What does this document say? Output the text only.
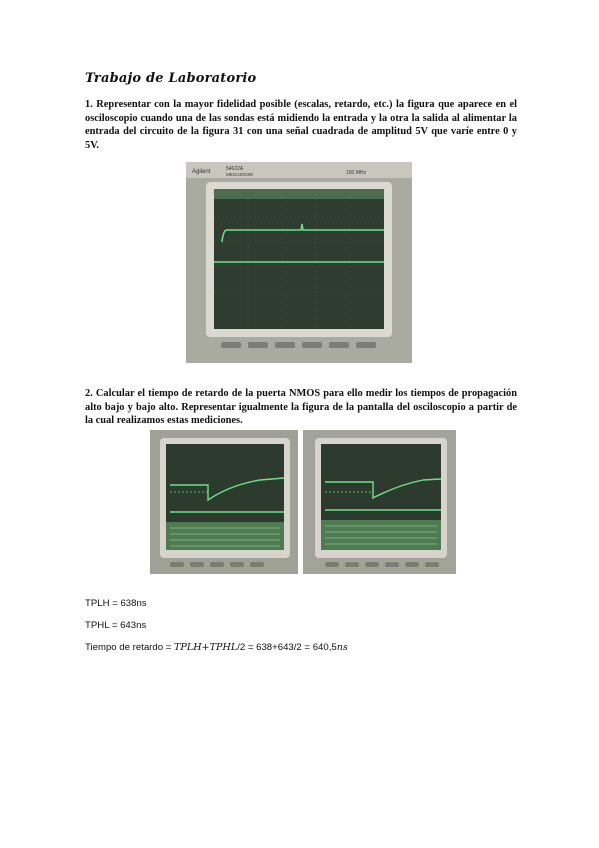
Trabajo de Laboratorio
1. Representar con la mayor fidelidad posible (escalas, retardo, etc.) la figura que aparece en el osciloscopio cuando una de las sondas está midiendo la entrada y la otra la salida al alimentar la entrada del circuito de la figura 31 con una señal cuadrada de amplitud 5V que varíe entre 0 y 5V.
Agilent	54622A
MEGAZOOM	100 MHz
2. Calcular el tiempo de retardo de la puerta NMOS para ello medir los tiempos de propagación alto bajo y bajo alto. Representar igualmente la figura de la pantalla del osciloscopio a partir de la cual realizamos estas mediciones.
TPLH = 638ns
TPHL = 643ns
Tiempo de retardo = TPLH+TPHL/2 = 638+643/2 = 640,5ns
